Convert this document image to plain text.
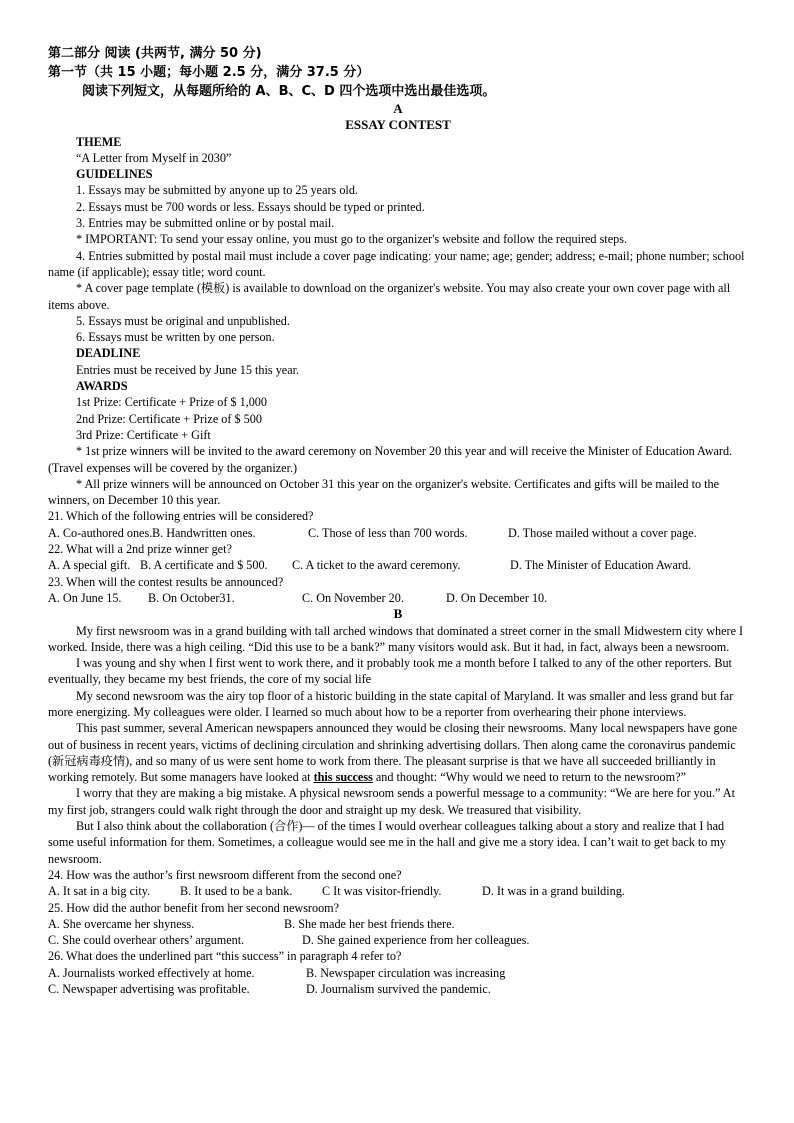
第二部分 阅读 (共两节, 满分 50 分)

第一节（共 15 小题；每小题 2.5 分，满分 37.5 分）

阅读下列短文，从每题所给的 A、B、C、D 四个选项中选出最佳选项。

A

ESSAY CONTEST

THEME

“A Letter from Myself in 2030”

GUIDELINES

1. Essays may be submitted by anyone up to 25 years old.

2. Essays must be 700 words or less. Essays should be typed or printed.

3. Entries may be submitted online or by postal mail.

* IMPORTANT: To send your essay online, you must go to the organizer's website and follow the required steps.

4. Entries submitted by postal mail must include a cover page indicating: your name; age; gender; address; e-mail; phone number; school name (if applicable); essay title; word count.

* A cover page template (模板) is available to download on the organizer's website. You may also create your own cover page with all items above.

5. Essays must be original and unpublished.

6. Essays must be written by one person.

DEADLINE

Entries must be received by June 15 this year.

AWARDS

1st Prize: Certificate + Prize of $ 1,000

2nd Prize: Certificate + Prize of $ 500

3rd Prize: Certificate + Gift

* 1st prize winners will be invited to the award ceremony on November 20 this year and will receive the Minister of Education Award. (Travel expenses will be covered by the organizer.)

* All prize winners will be announced on October 31 this year on the organizer's website. Certificates and gifts will be mailed to the winners, on December 10 this year.

21. Which of the following entries will be considered?

A. Co-authored ones. B. Handwritten ones.	C. Those of less than 700 words.	D. Those mailed without a cover page.

22. What will a 2nd prize winner get?

A. A special gift. B. A certificate and $ 500.	C. A ticket to the award ceremony.	D. The Minister of Education Award.

23. When will the contest results be announced?

A. On June 15.	B. On October31.	C. On November 20.	D. On December 10.

B

My first newsroom was in a grand building with tall arched windows that dominated a street corner in the small Midwestern city where I worked. Inside, there was a high ceiling. “Did this use to be a bank?” many visitors would ask. But it had, in fact, always been a newsroom.

I was young and shy when I first went to work there, and it probably took me a month before I talked to any of the other reporters. But eventually, they became my best friends, the core of my social life

My second newsroom was the airy top floor of a historic building in the state capital of Maryland. It was smaller and less grand but far more energizing. My colleagues were older. I learned so much about how to be a reporter from overhearing their phone interviews.

This past summer, several American newspapers announced they would be closing their newsrooms. Many local newspapers have gone out of business in recent years, victims of declining circulation and shrinking advertising dollars. Then along came the coronavirus pandemic (新冠病毒疫情), and so many of us were sent home to work from there. The pleasant surprise is that we have all succeeded brilliantly in working remotely. But some managers have looked at this success and thought: “Why would we need to return to the newsroom?”

I worry that they are making a big mistake. A physical newsroom sends a powerful message to a community: “We are here for you.” At my first job, strangers could walk right through the door and straight up my desk. We treasured that visibility.

But I also think about the collaboration (合作)— of the times I would overhear colleagues talking about a story and realize that I had some useful information for them. Sometimes, a colleague would see me in the hall and give me a story idea. I can’t wait to get back to my newsroom.

24. How was the author’s first newsroom different from the second one?

A. It sat in a big city.	B. It used to be a bank.	C It was visitor-friendly.	D. It was in a grand building.

25. How did the author benefit from her second newsroom?

A. She overcame her shyness.	B. She made her best friends there.
C. She could overhear others’ argument.	D. She gained experience from her colleagues.

26. What does the underlined part “this success” in paragraph 4 refer to?

A. Journalists worked effectively at home.	B. Newspaper circulation was increasing
C. Newspaper advertising was profitable.	D. Journalism survived the pandemic.
